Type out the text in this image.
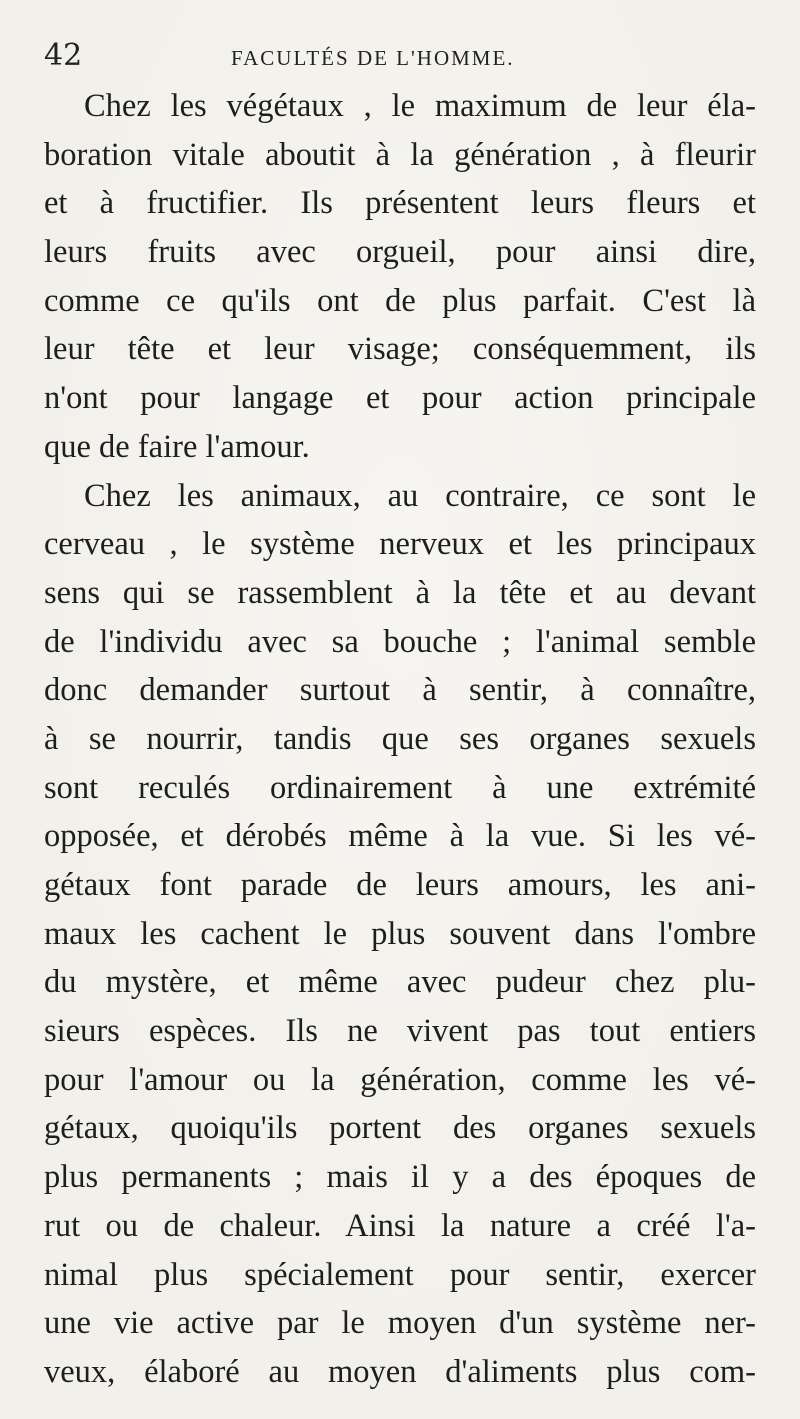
42	FACULTÉS DE L'HOMME.
Chez les végétaux , le maximum de leur éla-
boration vitale aboutit à la génération , à fleurir
et à fructifier. Ils présentent leurs fleurs et
leurs fruits avec orgueil, pour ainsi dire,
comme ce qu'ils ont de plus parfait. C'est là
leur tête et leur visage; conséquemment, ils
n'ont pour langage et pour action principale
que de faire l'amour.
Chez les animaux, au contraire, ce sont le
cerveau , le système nerveux et les principaux
sens qui se rassemblent à la tête et au devant
de l'individu avec sa bouche ; l'animal semble
donc demander surtout à sentir, à connaître,
à se nourrir, tandis que ses organes sexuels
sont reculés ordinairement à une extrémité
opposée, et dérobés même à la vue. Si les vé-
gétaux font parade de leurs amours, les ani-
maux les cachent le plus souvent dans l'ombre
du mystère, et même avec pudeur chez plu-
sieurs espèces. Ils ne vivent pas tout entiers
pour l'amour ou la génération, comme les vé-
gétaux, quoiqu'ils portent des organes sexuels
plus permanents ; mais il y a des époques de
rut ou de chaleur. Ainsi la nature a créé l'a-
nimal plus spécialement pour sentir, exercer
une vie active par le moyen d'un système ner-
veux, élaboré au moyen d'aliments plus com-
